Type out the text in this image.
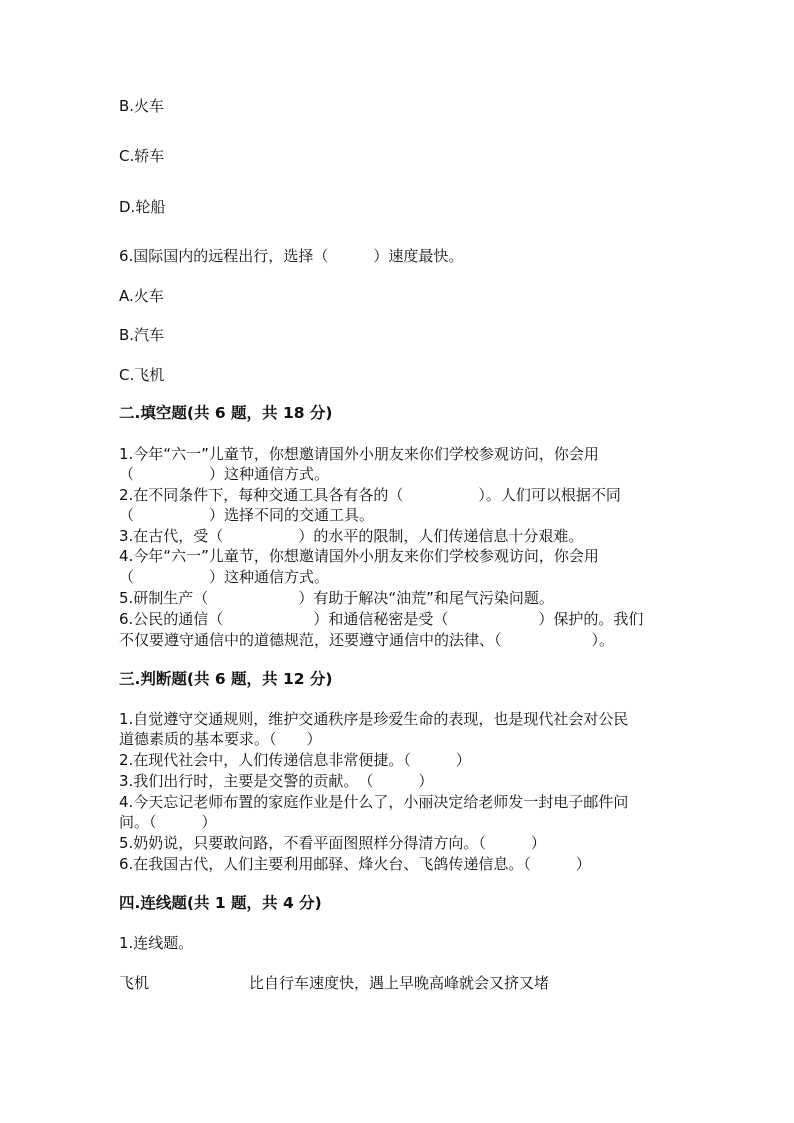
B.火车
C.轿车
D.轮船
6.国际国内的远程出行，选择（　　　）速度最快。
A.火车
B.汽车
C.飞机
二.填空题(共 6 题，共 18 分)
1.今年“六一”儿童节，你想邀请国外小朋友来你们学校参观访问，你会用
（　　　　　）这种通信方式。
2.在不同条件下，每种交通工具各有各的（　　　　　）。人们可以根据不同
（　　　　　）选择不同的交通工具。
3.在古代，受（　　　　　）的水平的限制，人们传递信息十分艰难。
4.今年“六一”儿童节，你想邀请国外小朋友来你们学校参观访问，你会用
（　　　　　）这种通信方式。
5.研制生产（　　　　　　）有助于解决“油荒”和尾气污染问题。
6.公民的通信（　　　　　　）和通信秘密是受（　　　　　　）保护的。我们
不仅要遵守通信中的道德规范，还要遵守通信中的法律、（　　　　　　）。
三.判断题(共 6 题，共 12 分)
1.自觉遵守交通规则，维护交通秩序是珍爱生命的表现，也是现代社会对公民
道德素质的基本要求。（　　）
2.在现代社会中，人们传递信息非常便捷。（　　　）
3.我们出行时，主要是交警的贡献。　（　　　）
4.今天忘记老师布置的家庭作业是什么了，小丽决定给老师发一封电子邮件问
问。（　　　）
5.奶奶说，只要敢问路，不看平面图照样分得清方向。（　　　）
6.在我国古代，人们主要利用邮驿、烽火台、飞鸽传递信息。（　　　）
四.连线题(共 1 题，共 4 分)
1.连线题。
飞机	比自行车速度快，遇上早晚高峰就会又挤又堵
